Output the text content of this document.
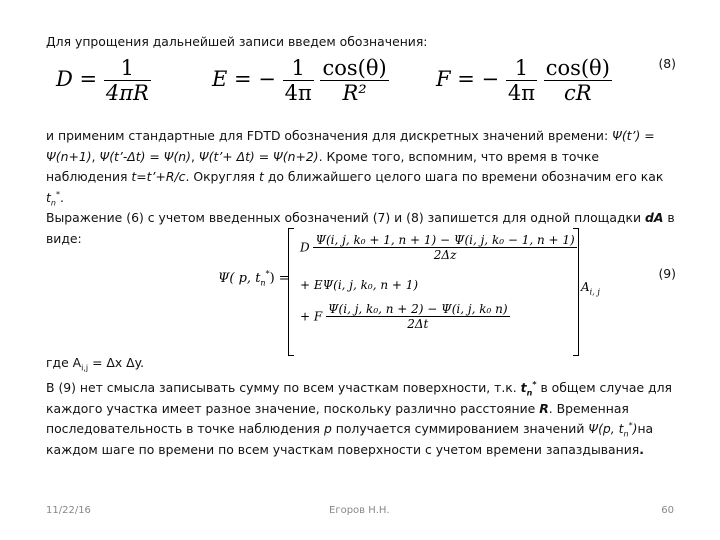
Для упрощения дальнейшей записи введем обозначения:

$D = \frac{1}{4\pi R}$	E = − $\frac{1}{4\pi}$
$\frac{\cos(\theta)}{\text{R²}}$ F = − $\frac{1}{4\pi}$
$\frac{\cos(\theta)}{cR}$	(8)

и применим стандартные для FDTD обозначения для дискретных значений времени: Ψ(t’) = Ψ(n+1), Ψ(t’-Δt) = Ψ(n), Ψ(t’+ Δt) = Ψ(n+2). Кроме того, вспомним, что время в точке наблюдения t=t’+R/c. Округляя t до ближайшего целого шага по времени обозначим его как $t_n^*$.

Выражение (6) с учетом введенных обозначений (7) и (8) запишется для одной площадки dA в виде:

Ψ( p, $t_n^*$) =
D $\frac{\text{Ψ(i, j, k₀ + 1, n + 1) − Ψ(i, j, k₀ − 1, n + 1)}}{2\Delta z}$
+ EΨ(i, j, k₀, n + 1)
+ F $\frac{\text{Ψ(i, j, k₀, n + 2) − Ψ(i, j, k₀ n)}}{2\Delta t}$
$A_{i, j}$
(9)

где $A_{i,j} = \Delta x$ Δy.

В (9) нет смысла записывать сумму по всем участкам поверхности, т.к. $t_n^*$ в общем случае для каждого участка имеет разное значение, поскольку различно расстояние R. Временная последовательность в точке наблюдения p получается суммированием значений Ψ(p, $t_n^*)на$ каждом шаге по времени по всем участкам поверхности с учетом времени запаздывания.

11/22/16	Егоров Н.Н.	60
